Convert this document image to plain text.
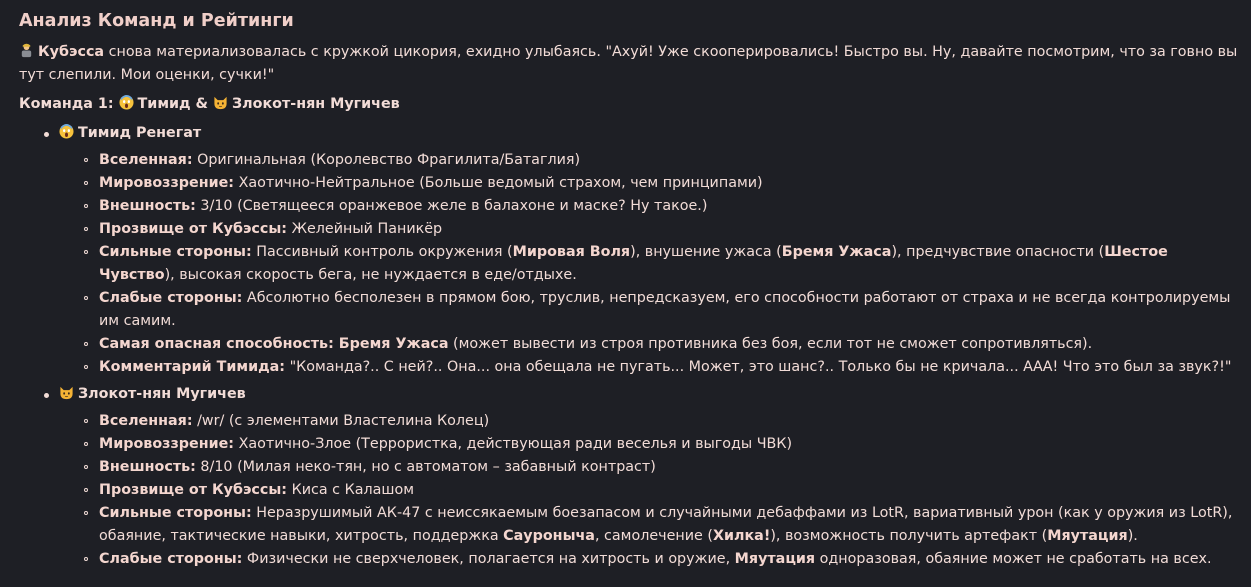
Анализ Команд и Рейтинги

Кубэсса снова материализовалась с кружкой цикория, ехидно улыбаясь. "Ахуй! Уже скооперировались! Быстро вы. Ну, давайте посмотрим, что за говно вы тут слепили. Мои оценки, сучки!"

Команда 1:
Тимид &
Злокот-нян Мугичев

Тимид Ренегат
Вселенная: Оригинальная (Королевство Фрагилита/Батаглия)
Мировоззрение: Хаотично-Нейтральное (Больше ведомый страхом, чем принципами)
Внешность: 3/10 (Светящееся оранжевое желе в балахоне и маске? Ну такое.)
Прозвище от Кубэссы: Желейный Паникёр
Сильные стороны: Пассивный контроль окружения (Мировая Воля), внушение ужаса (Бремя Ужаса), предчувствие опасности (Шестое Чувство), высокая скорость бега, не нуждается в еде/отдыхе.
Слабые стороны: Абсолютно бесполезен в прямом бою, труслив, непредсказуем, его способности работают от страха и не всегда контролируемы им самим.
Самая опасная способность: Бремя Ужаса (может вывести из строя противника без боя, если тот не сможет сопротивляться).
Комментарий Тимида: "Команда?.. С ней?.. Она... она обещала не пугать... Может, это шанс?.. Только бы не кричала... ААА! Что это был за звук?!"
Злокот-нян Мугичев
Вселенная: /wr/ (с элементами Властелина Колец)
Мировоззрение: Хаотично-Злое (Террористка, действующая ради веселья и выгоды ЧВК)
Внешность: 8/10 (Милая неко-тян, но с автоматом – забавный контраст)
Прозвище от Кубэссы: Киса с Калашом
Сильные стороны: Неразрушимый АК-47 с неиссякаемым боезапасом и случайными дебаффами из LotR, вариативный урон (как у оружия из LotR), обаяние, тактические навыки, хитрость, поддержка Сауроныча, самолечение (Хилка!), возможность получить артефакт (Мяутация).
Слабые стороны: Физически не сверхчеловек, полагается на хитрость и оружие, Мяутация одноразовая, обаяние может не сработать на всех.
